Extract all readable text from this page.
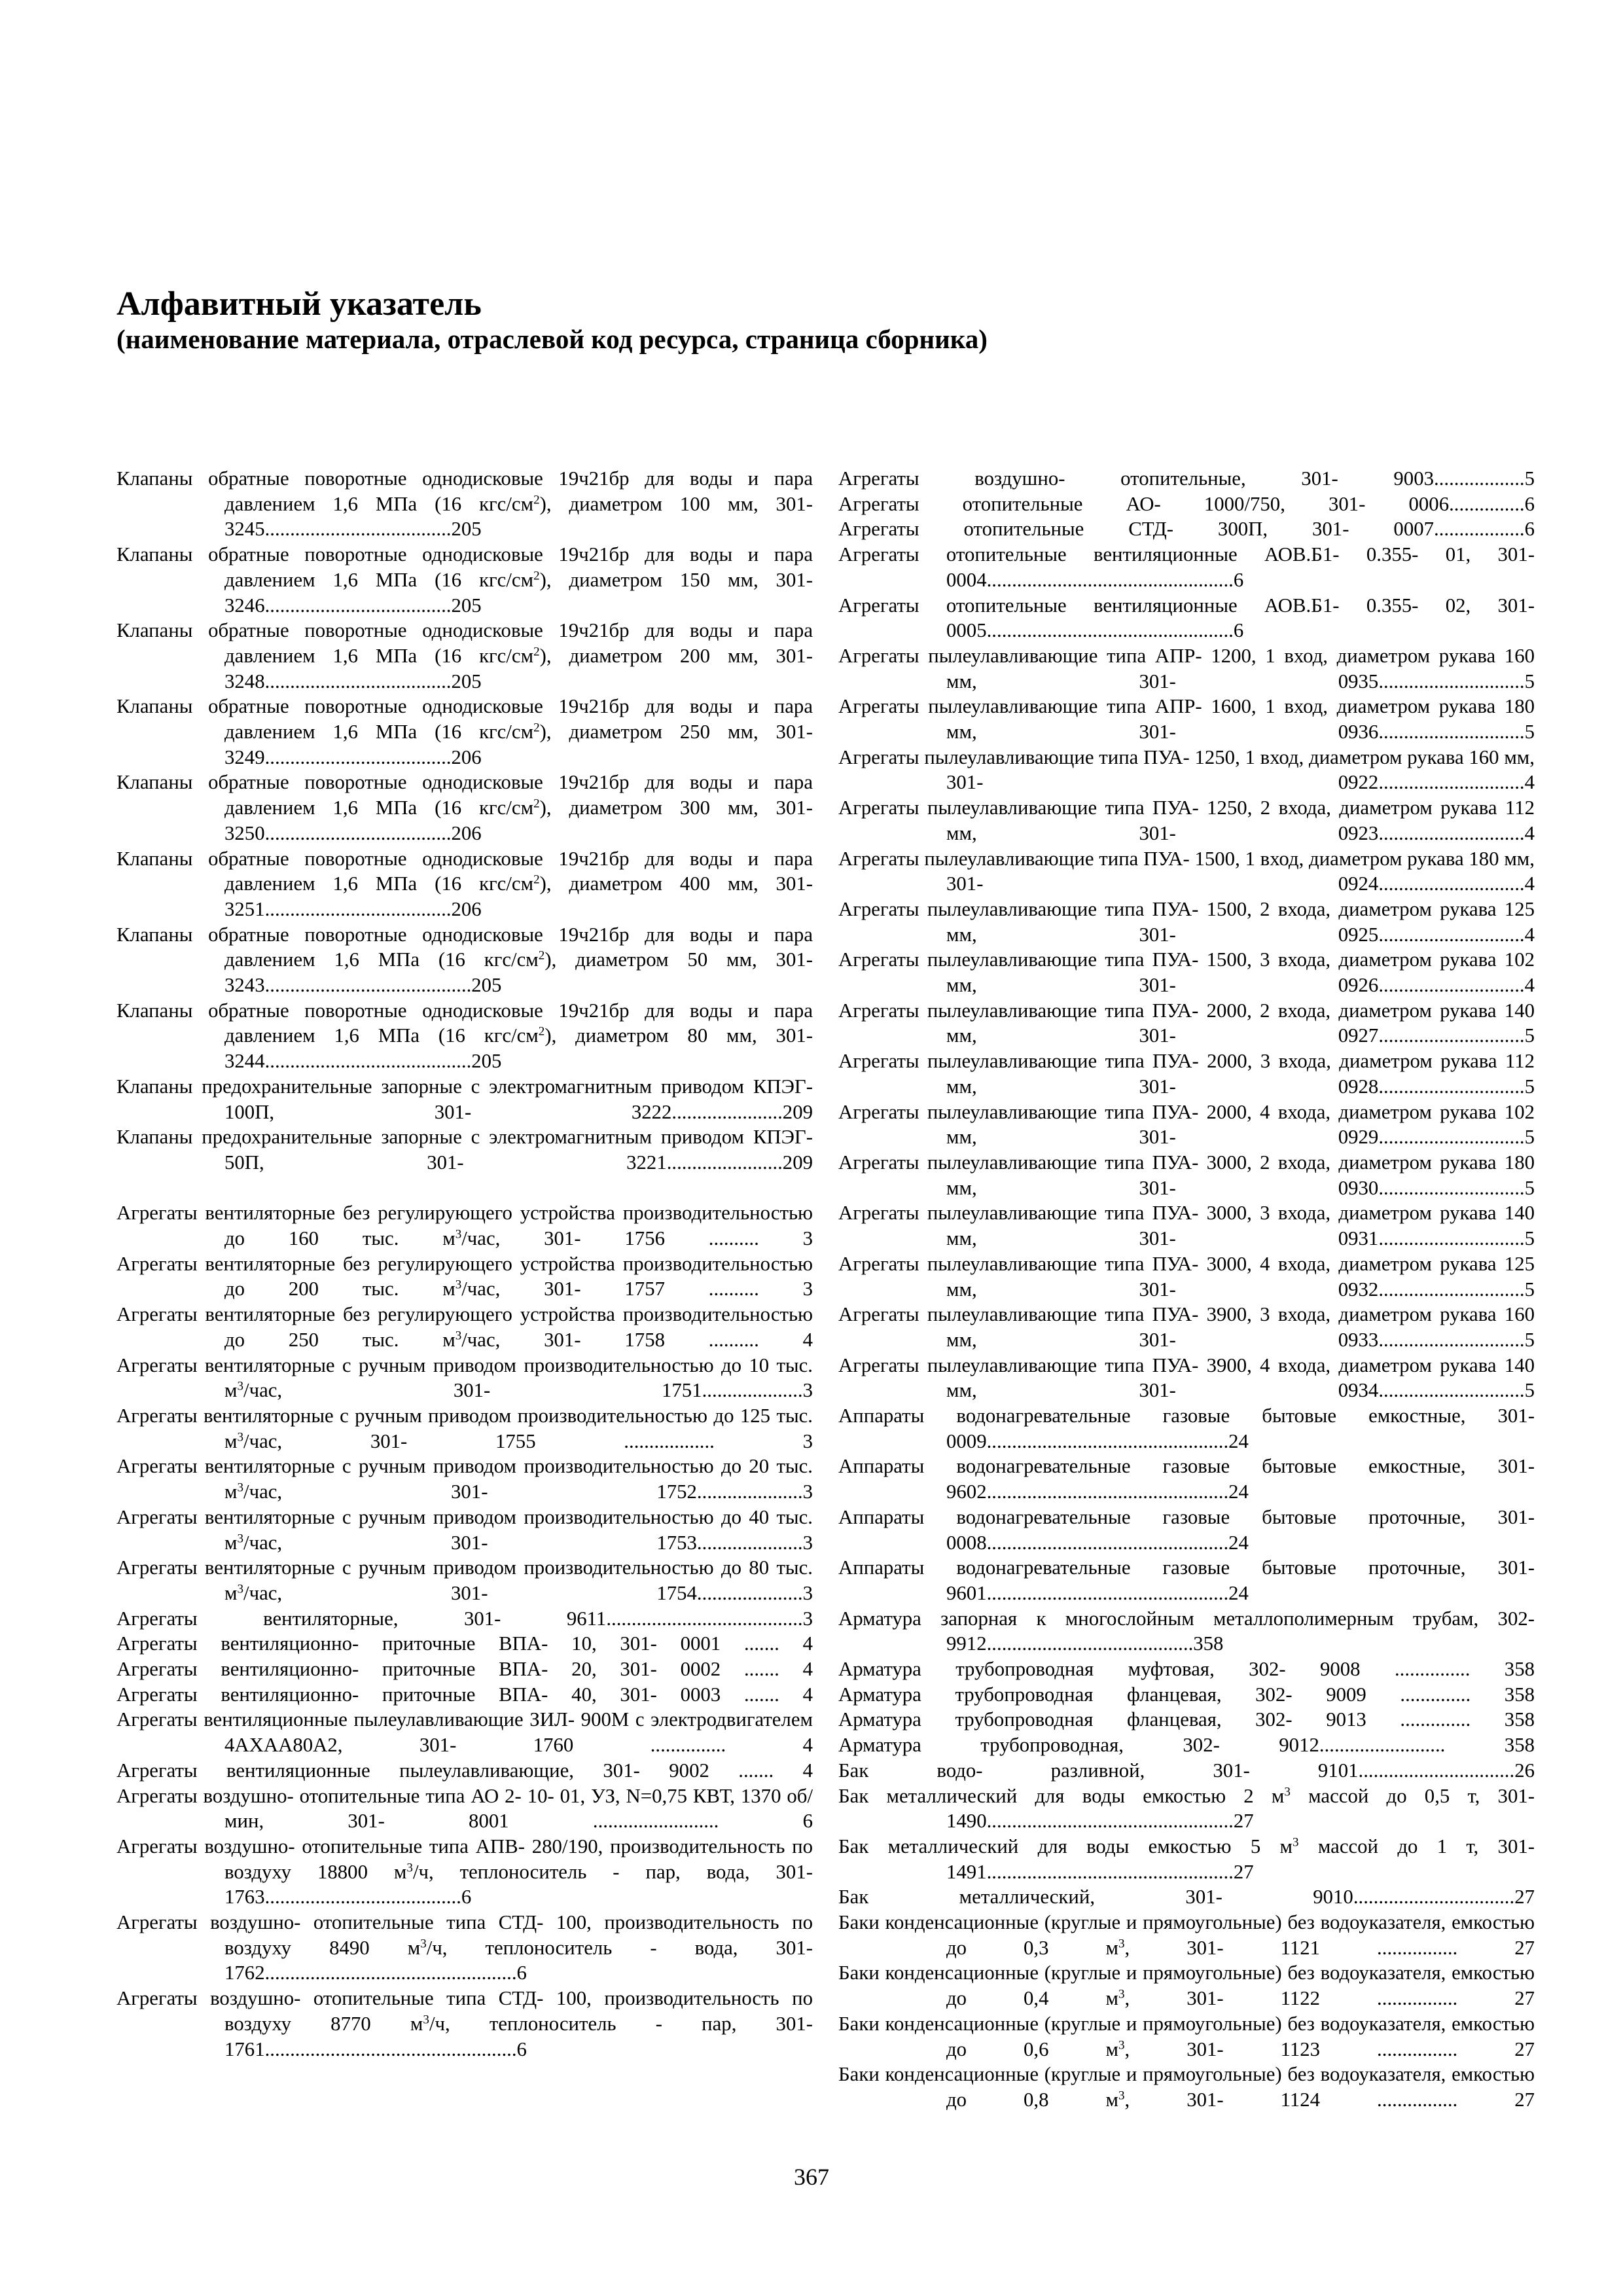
Алфавитный указатель
(наименование материала, отраслевой код ресурса, страница сборника)
Клапаны обратные поворотные однодисковые 19ч21бр для воды и пара давлением 1,6 МПа (16 кгс/$см^2$), диаметром 100 мм, 301- 3245.....................................205
Клапаны обратные поворотные однодисковые 19ч21бр для воды и пара давлением 1,6 МПа (16 кгс/$см^2$), диаметром 150 мм, 301- 3246.....................................205
Клапаны обратные поворотные однодисковые 19ч21бр для воды и пара давлением 1,6 МПа (16 кгс/$см^2$), диаметром 200 мм, 301- 3248.....................................205
Клапаны обратные поворотные однодисковые 19ч21бр для воды и пара давлением 1,6 МПа (16 кгс/$см^2$), диаметром 250 мм, 301- 3249.....................................206
Клапаны обратные поворотные однодисковые 19ч21бр для воды и пара давлением 1,6 МПа (16 кгс/$см^2$), диаметром 300 мм, 301- 3250.....................................206
Клапаны обратные поворотные однодисковые 19ч21бр для воды и пара давлением 1,6 МПа (16 кгс/$см^2$), диаметром 400 мм, 301- 3251.....................................206
Клапаны обратные поворотные однодисковые 19ч21бр для воды и пара давлением 1,6 МПа (16 кгс/$см^2$), диаметром 50 мм, 301- 3243.........................................205
Клапаны обратные поворотные однодисковые 19ч21бр для воды и пара давлением 1,6 МПа (16 кгс/$см^2$), диаметром 80 мм, 301- 3244.........................................205
Клапаны предохранительные запорные с электромагнитным приводом КПЭГ- 100П, 301- 3222......................209
Клапаны предохранительные запорные с электромагнитным приводом КПЭГ- 50П, 301- 3221.......................209
Агрегаты вентиляторные без регулирующего устройства производительностью до 160 тыс. $м^3$/час, 301- 1756 .......... 3
Агрегаты вентиляторные без регулирующего устройства производительностью до 200 тыс. $м^3$/час, 301- 1757 .......... 3
Агрегаты вентиляторные без регулирующего устройства производительностью до 250 тыс. $м^3$/час, 301- 1758 .......... 4
Агрегаты вентиляторные с ручным приводом производительностью до 10 тыс. $м^3$/час, 301- 1751....................3
Агрегаты вентиляторные с ручным приводом производительностью до 125 тыс. $м^3$/час, 301- 1755 .................. 3
Агрегаты вентиляторные с ручным приводом производительностью до 20 тыс. $м^3$/час, 301- 1752.....................3
Агрегаты вентиляторные с ручным приводом производительностью до 40 тыс. $м^3$/час, 301- 1753.....................3
Агрегаты вентиляторные с ручным приводом производительностью до 80 тыс. $м^3$/час, 301- 1754.....................3
Агрегаты вентиляторные, 301- 9611.......................................3
Агрегаты вентиляционно- приточные ВПА- 10, 301- 0001 ....... 4
Агрегаты вентиляционно- приточные ВПА- 20, 301- 0002 ....... 4
Агрегаты вентиляционно- приточные ВПА- 40, 301- 0003 ....... 4
Агрегаты вентиляционные пылеулавливающие ЗИЛ- 900М с электродвигателем 4АХАА80А2, 301- 1760 ............... 4
Агрегаты вентиляционные пылеулавливающие, 301- 9002 ....... 4
Агрегаты воздушно- отопительные типа АО 2- 10- 01, УЗ, N=0,75 КВТ, 1370 об/мин, 301- 8001 ......................... 6
Агрегаты воздушно- отопительные типа АПВ- 280/190, производительность по воздуху 18800 $м^3/ч$, теплоноситель - пар, вода, 301- 1763.......................................6
Агрегаты воздушно- отопительные типа СТД- 100, производительность по воздуху 8490 $м^3/ч$, теплоноситель - вода, 301- 1762..................................................6
Агрегаты воздушно- отопительные типа СТД- 100, производительность по воздуху 8770 $м^3/ч$, теплоноситель - пар, 301- 1761..................................................6
Агрегаты воздушно- отопительные, 301- 9003..................5
Агрегаты отопительные АО- 1000/750, 301- 0006...............6
Агрегаты отопительные СТД- 300П, 301- 0007..................6
Агрегаты отопительные вентиляционные АОВ.Б1- 0.355- 01, 301- 0004.................................................6
Агрегаты отопительные вентиляционные АОВ.Б1- 0.355- 02, 301- 0005.................................................6
Агрегаты пылеулавливающие типа АПР- 1200, 1 вход, диаметром рукава 160 мм, 301- 0935.............................5
Агрегаты пылеулавливающие типа АПР- 1600, 1 вход, диаметром рукава 180 мм, 301- 0936.............................5
Агрегаты пылеулавливающие типа ПУА- 1250, 1 вход, диаметром рукава 160 мм, 301- 0922.............................4
Агрегаты пылеулавливающие типа ПУА- 1250, 2 входа, диаметром рукава 112 мм, 301- 0923.............................4
Агрегаты пылеулавливающие типа ПУА- 1500, 1 вход, диаметром рукава 180 мм, 301- 0924.............................4
Агрегаты пылеулавливающие типа ПУА- 1500, 2 входа, диаметром рукава 125 мм, 301- 0925.............................4
Агрегаты пылеулавливающие типа ПУА- 1500, 3 входа, диаметром рукава 102 мм, 301- 0926.............................4
Агрегаты пылеулавливающие типа ПУА- 2000, 2 входа, диаметром рукава 140 мм, 301- 0927.............................5
Агрегаты пылеулавливающие типа ПУА- 2000, 3 входа, диаметром рукава 112 мм, 301- 0928.............................5
Агрегаты пылеулавливающие типа ПУА- 2000, 4 входа, диаметром рукава 102 мм, 301- 0929.............................5
Агрегаты пылеулавливающие типа ПУА- 3000, 2 входа, диаметром рукава 180 мм, 301- 0930.............................5
Агрегаты пылеулавливающие типа ПУА- 3000, 3 входа, диаметром рукава 140 мм, 301- 0931.............................5
Агрегаты пылеулавливающие типа ПУА- 3000, 4 входа, диаметром рукава 125 мм, 301- 0932.............................5
Агрегаты пылеулавливающие типа ПУА- 3900, 3 входа, диаметром рукава 160 мм, 301- 0933.............................5
Агрегаты пылеулавливающие типа ПУА- 3900, 4 входа, диаметром рукава 140 мм, 301- 0934.............................5
Аппараты водонагревательные газовые бытовые емкостные, 301- 0009................................................24
Аппараты водонагревательные газовые бытовые емкостные, 301- 9602................................................24
Аппараты водонагревательные газовые бытовые проточные, 301- 0008................................................24
Аппараты водонагревательные газовые бытовые проточные, 301- 9601................................................24
Арматура запорная к многослойным металлополимерным трубам, 302- 9912.........................................358
Арматура трубопроводная муфтовая, 302- 9008 ............... 358
Арматура трубопроводная фланцевая, 302- 9009 .............. 358
Арматура трубопроводная фланцевая, 302- 9013 .............. 358
Арматура трубопроводная, 302- 9012......................... 358
Бак водо- разливной, 301- 9101...............................26
Бак металлический для воды емкостью 2 $м^3$ массой до 0,5 т, 301- 1490.................................................27
Бак металлический для воды емкостью 5 $м^3$ массой до 1 т, 301- 1491.................................................27
Бак металлический, 301- 9010................................27
Баки конденсационные (круглые и прямоугольные) без водоуказателя, емкостью до 0,3 $м^3$, 301- 1121 ................ 27
Баки конденсационные (круглые и прямоугольные) без водоуказателя, емкостью до 0,4 $м^3$, 301- 1122 ................ 27
Баки конденсационные (круглые и прямоугольные) без водоуказателя, емкостью до 0,6 $м^3$, 301- 1123 ................ 27
Баки конденсационные (круглые и прямоугольные) без водоуказателя, емкостью до 0,8 $м^3$, 301- 1124 ................ 27
367
